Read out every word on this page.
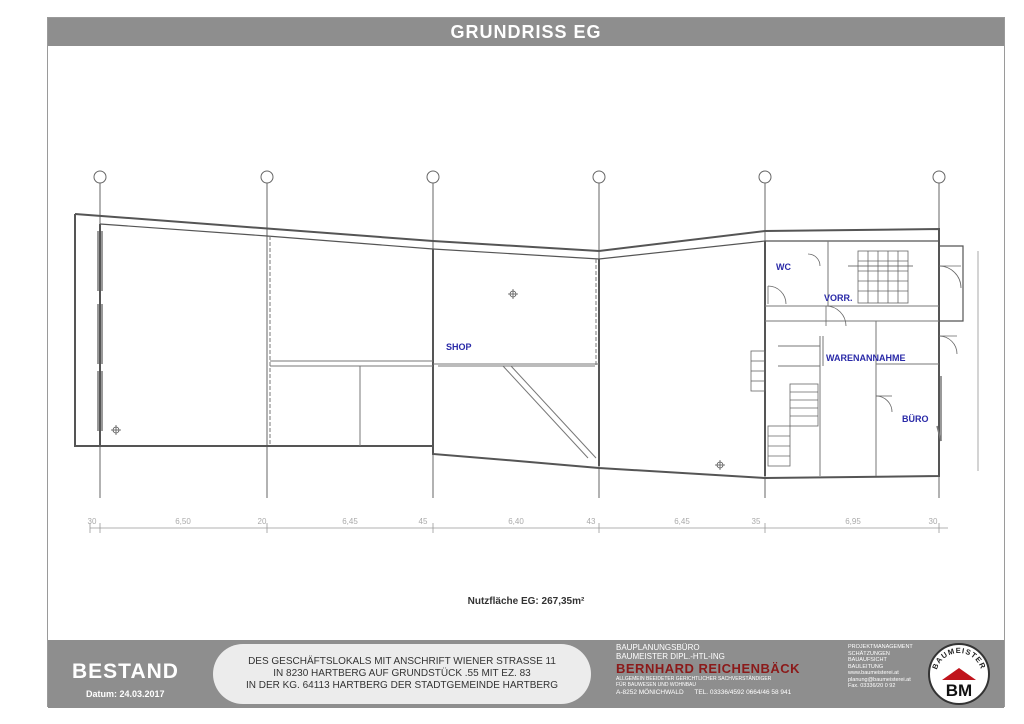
GRUNDRISS EG
30	6,50	20	6,45	45	6,40	43	6,45	35	6,95	30
SHOP
WC
VORR.
WARENANNAHME
BÜRO
Nutzfläche EG: 267,35m²
BESTAND
Datum: 24.03.2017
DES GESCHÄFTSLOKALS MIT ANSCHRIFT WIENER STRASSE 11
IN 8230 HARTBERG AUF GRUNDSTÜCK .55 MIT EZ. 83
IN DER KG. 64113 HARTBERG DER STADTGEMEINDE HARTBERG
BAUPLANUNGSBÜRO
BAUMEISTER DIPL.-HTL-ING
BERNHARD REICHENBÄCK
ALLGEMEIN BEEIDETER GERICHTLICHER SACHVERSTÄNDIGER
FÜR BAUWESEN UND WOHNBAU
A-8252 MÖNICHWALD TEL. 03336/4592 0664/46 58 941
PROJEKTMANAGEMENT
SCHÄTZUNGEN
BAUAUFSICHT
BAULEITUNG
www.baumeisterei.at
planung@baumeisterei.at
Fax. 03336/20 0 92
BAUMEISTER
BM
